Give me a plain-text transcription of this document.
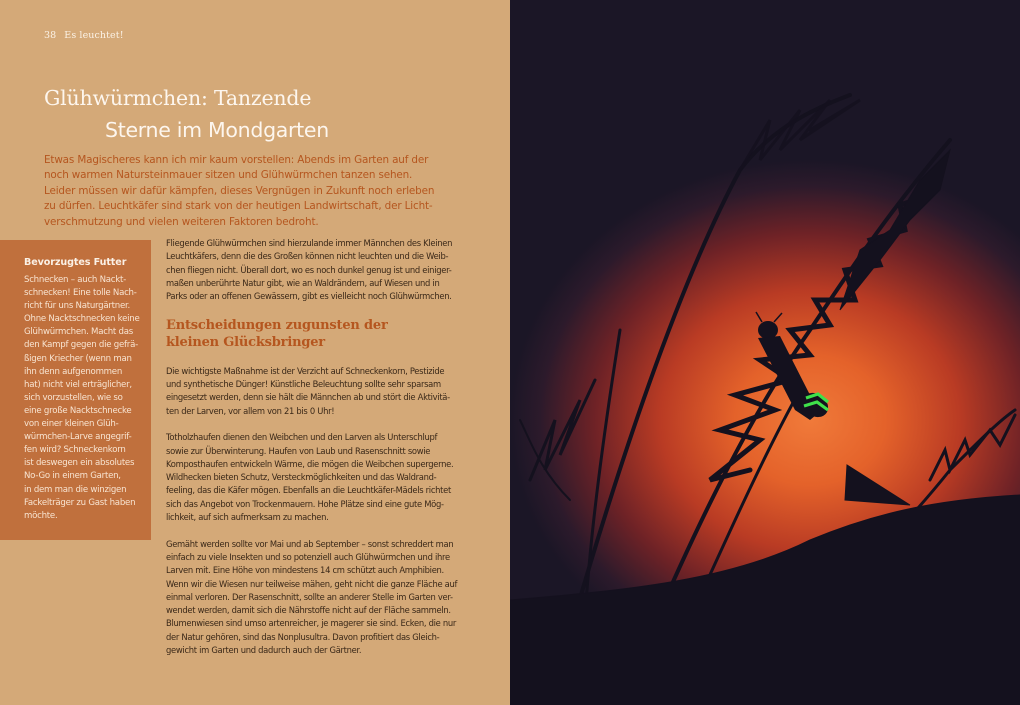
38 Es leuchtet!
Glühwürmchen: Tanzende
Sterne im Mondgarten
Etwas Magischeres kann ich mir kaum vorstellen: Abends im Garten auf der
noch warmen Natursteinmauer sitzen und Glühwürmchen tanzen sehen.
Leider müssen wir dafür kämpfen, dieses Vergnügen in Zukunft noch erleben
zu dürfen. Leuchtkäfer sind stark von der heutigen Landwirtschaft, der Licht-
verschmutzung und vielen weiteren Faktoren bedroht.
Bevorzugtes Futter
Schnecken – auch Nackt-
schnecken! Eine tolle Nach-
richt für uns Naturgärtner.
Ohne Nacktschnecken keine
Glühwürmchen. Macht das
den Kampf gegen die gefrä-
ßigen Kriecher (wenn man
ihn denn aufgenommen
hat) nicht viel erträglicher,
sich vorzustellen, wie so
eine große Nacktschnecke
von einer kleinen Glüh-
würmchen-Larve angegrif-
fen wird? Schneckenkorn
ist deswegen ein absolutes
No-Go in einem Garten,
in dem man die winzigen
Fackelträger zu Gast haben
möchte.
Fliegende Glühwürmchen sind hierzulande immer Männchen des Kleinen
Leuchtkäfers, denn die des Großen können nicht leuchten und die Weib-
chen fliegen nicht. Überall dort, wo es noch dunkel genug ist und einiger-
maßen unberührte Natur gibt, wie an Waldrändern, auf Wiesen und in
Parks oder an offenen Gewässern, gibt es vielleicht noch Glühwürmchen.
Entscheidungen zugunsten der
kleinen Glücksbringer
Die wichtigste Maßnahme ist der Verzicht auf Schneckenkorn, Pestizide
und synthetische Dünger! Künstliche Beleuchtung sollte sehr sparsam
eingesetzt werden, denn sie hält die Männchen ab und stört die Aktivitä-
ten der Larven, vor allem von 21 bis 0 Uhr!
Totholzhaufen dienen den Weibchen und den Larven als Unterschlupf
sowie zur Überwinterung. Haufen von Laub und Rasenschnitt sowie
Komposthaufen entwickeln Wärme, die mögen die Weibchen supergerne.
Wildhecken bieten Schutz, Versteckmöglichkeiten und das Waldrand-
feeling, das die Käfer mögen. Ebenfalls an die Leuchtkäfer-Mädels richtet
sich das Angebot von Trockenmauern. Hohe Plätze sind eine gute Mög-
lichkeit, auf sich aufmerksam zu machen.
Gemäht werden sollte vor Mai und ab September – sonst schreddert man
einfach zu viele Insekten und so potenziell auch Glühwürmchen und ihre
Larven mit. Eine Höhe von mindestens 14 cm schützt auch Amphibien.
Wenn wir die Wiesen nur teilweise mähen, geht nicht die ganze Fläche auf
einmal verloren. Der Rasenschnitt, sollte an anderer Stelle im Garten ver-
wendet werden, damit sich die Nährstoffe nicht auf der Fläche sammeln.
Blumenwiesen sind umso artenreicher, je magerer sie sind. Ecken, die nur
der Natur gehören, sind das Nonplusultra. Davon profitiert das Gleich-
gewicht im Garten und dadurch auch der Gärtner.
